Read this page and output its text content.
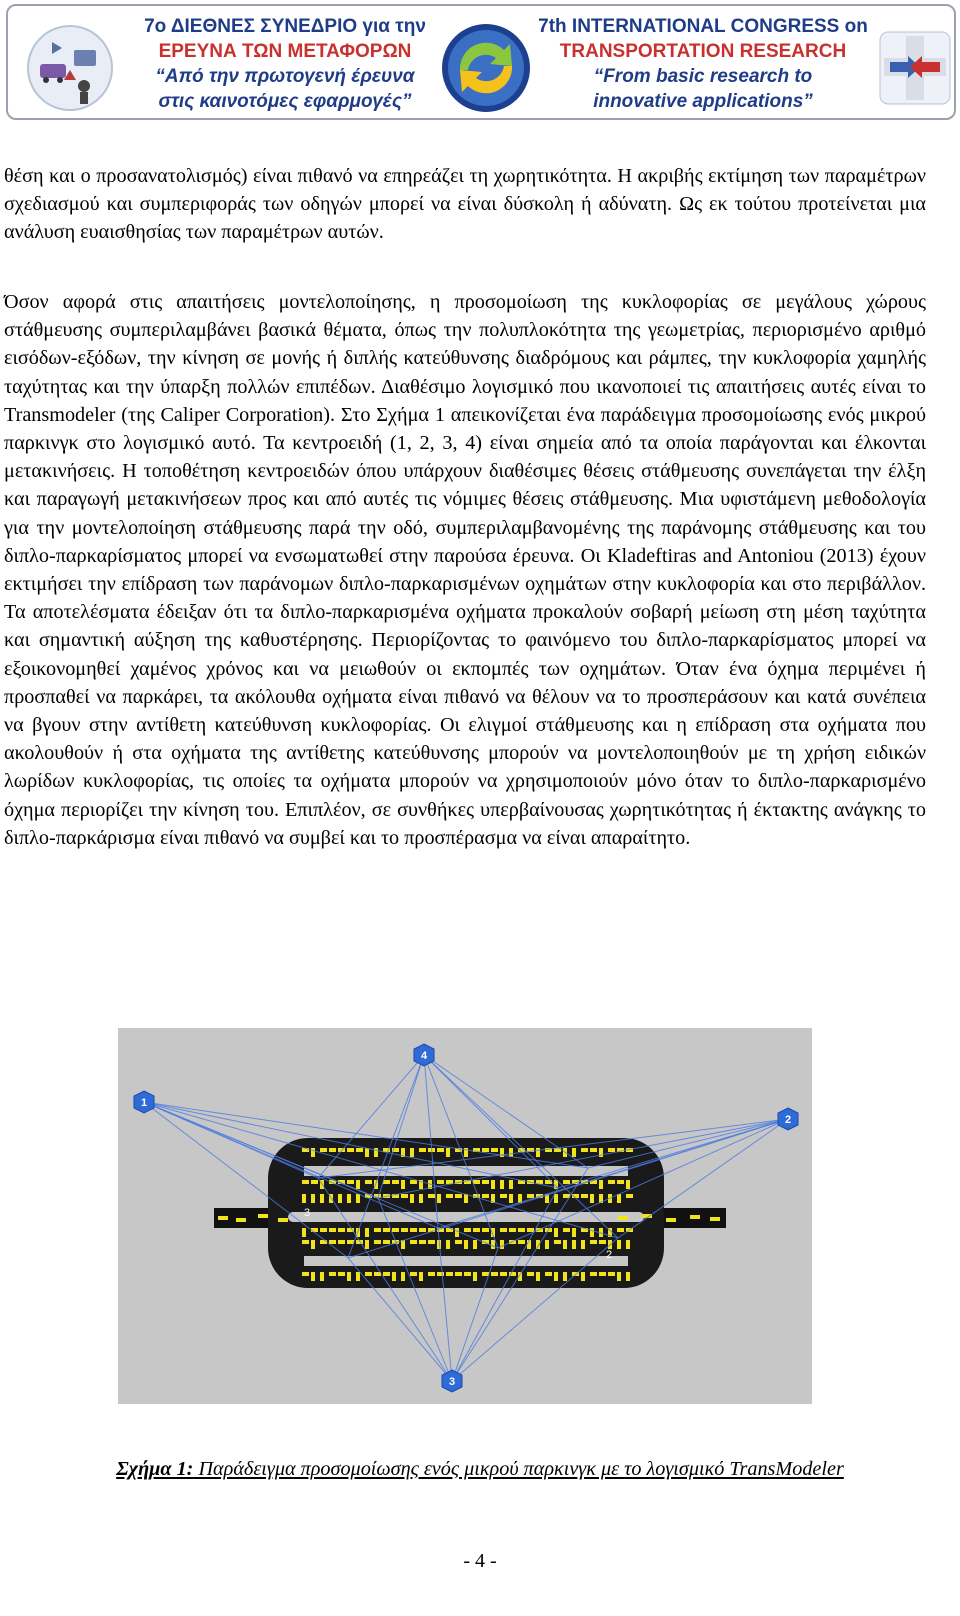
7ο ΔΙΕΘΝΕΣ ΣΥΝΕΔΡΙΟ για την
ΕΡΕΥΝΑ ΤΩΝ ΜΕΤΑΦΟΡΩΝ
“Από την πρωτογενή έρευνα
στις καινοτόμες εφαρμογές”
7th INTERNATIONAL CONGRESS on
TRANSPORTATION RESEARCH
“From basic research to
innovative applications”

θέση και ο προσανατολισμός) είναι πιθανό να επηρεάζει τη χωρητικότητα. Η ακριβής εκτίμηση των παραμέτρων σχεδιασμού και συμπεριφοράς των οδηγών μπορεί να είναι δύσκολη ή αδύνατη. Ως εκ τούτου προτείνεται μια ανάλυση ευαισθησίας των παραμέτρων αυτών.

Όσον αφορά στις απαιτήσεις μοντελοποίησης, η προσομοίωση της κυκλοφορίας σε μεγάλους χώρους στάθμευσης συμπεριλαμβάνει βασικά θέματα, όπως την πολυπλοκότητα της γεωμετρίας, περιορισμένο αριθμό εισόδων-εξόδων, την κίνηση σε μονής ή διπλής κατεύθυνσης διαδρόμους και ράμπες, την κυκλοφορία χαμηλής ταχύτητας και την ύπαρξη πολλών επιπέδων. Διαθέσιμο λογισμικό που ικανοποιεί τις απαιτήσεις αυτές είναι το Transmodeler (της Caliper Corporation). Στο Σχήμα 1 απεικονίζεται ένα παράδειγμα προσομοίωσης ενός μικρού παρκινγκ στο λογισμικό αυτό. Τα κεντροειδή (1, 2, 3, 4) είναι σημεία από τα οποία παράγονται και έλκονται μετακινήσεις. Η τοποθέτηση κεντροειδών όπου υπάρχουν διαθέσιμες θέσεις στάθμευσης συνεπάγεται την έλξη και παραγωγή μετακινήσεων προς και από αυτές τις νόμιμες θέσεις στάθμευσης. Μια υφιστάμενη μεθοδολογία για την μοντελοποίηση στάθμευσης παρά την οδό, συμπεριλαμβανομένης της παράνομης στάθμευσης και του διπλο-παρκαρίσματος μπορεί να ενσωματωθεί στην παρούσα έρευνα. Οι Kladeftiras and Antoniou (2013) έχουν εκτιμήσει την επίδραση των παράνομων διπλο-παρκαρισμένων οχημάτων στην κυκλοφορία και στο περιβάλλον. Τα αποτελέσματα έδειξαν ότι τα διπλο-παρκαρισμένα οχήματα προκαλούν σοβαρή μείωση στη μέση ταχύτητα και σημαντική αύξηση της καθυστέρησης. Περιορίζοντας το φαινόμενο του διπλο-παρκαρίσματος μπορεί να εξοικονομηθεί χαμένος χρόνος και να μειωθούν οι εκπομπές των οχημάτων. Όταν ένα όχημα περιμένει ή προσπαθεί να παρκάρει, τα ακόλουθα οχήματα είναι πιθανό να θέλουν να το προσπεράσουν και κατά συνέπεια να βγουν στην αντίθετη κατεύθυνση κυκλοφορίας. Οι ελιγμοί στάθμευσης και η επίδραση στα οχήματα που ακολουθούν ή στα οχήματα της αντίθετης κατεύθυνσης μπορούν να μοντελοποιηθούν με τη χρήση ειδικών λωρίδων κυκλοφορίας, τις οποίες τα οχήματα μπορούν να χρησιμοποιούν μόνο όταν το διπλο-παρκαρισμένο όχημα περιορίζει την κίνηση του. Επιπλέον, σε συνθήκες υπερβαίνουσας χωρητικότητας ή έκτακτης ανάγκης το διπλο-παρκάρισμα είναι πιθανό να συμβεί και το προσπέρασμα να είναι απαραίτητο.

3
2
1
2
3
4
Σχήμα 1: Παράδειγμα προσομοίωσης ενός μικρού παρκινγκ με το λογισμικό TransModeler
- 4 -
